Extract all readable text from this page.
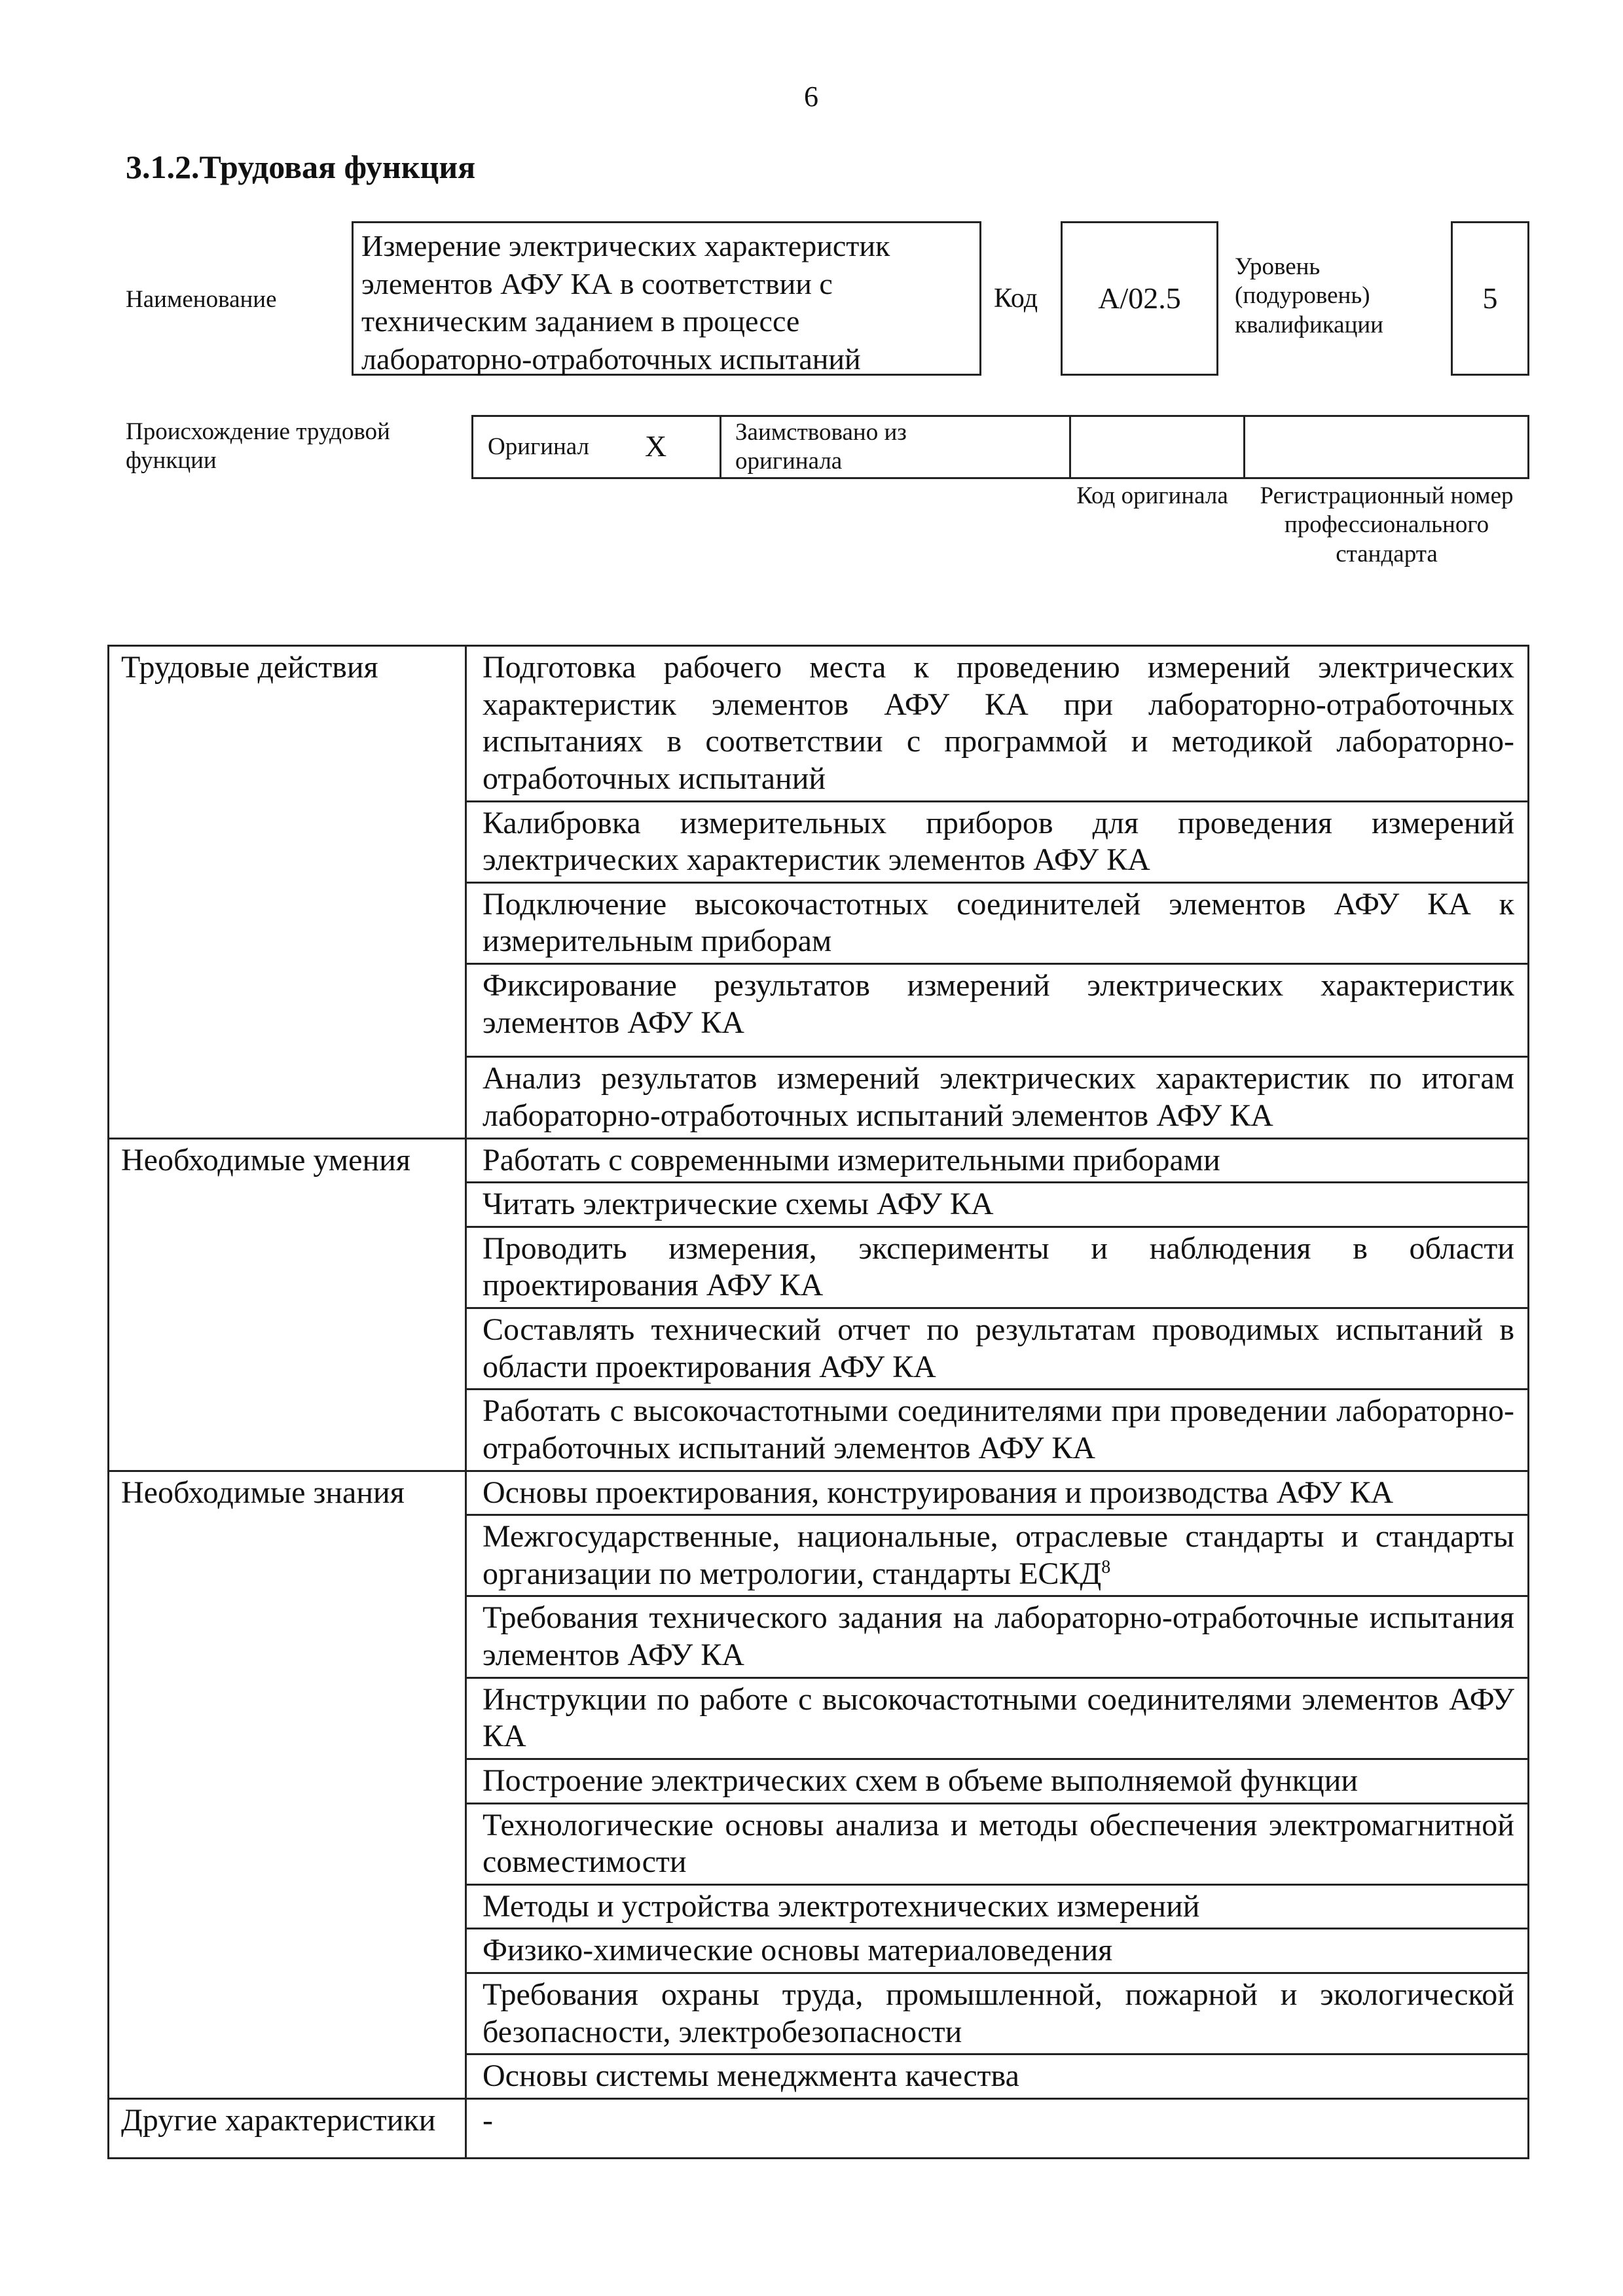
6
3.1.2.Трудовая функция
Наименование
Измерение электрических характеристик элементов АФУ КА в соответствии с техническим заданием в процессе лабораторно-отработочных испытаний
Код А/02.5
Уровень (подуровень) квалификации
5
Происхождение трудовой функции
Оригинал X	Заимствовано из оригинала
Код оригинала	Регистрационный номер профессионального стандарта
Трудовые действия	Подготовка рабочего места к проведению измерений электрических характеристик элементов АФУ КА при лабораторно-отработочных испытаниях в соответствии с программой и методикой лабораторно-отработочных испытаний
	Калибровка измерительных приборов для проведения измерений электрических характеристик элементов АФУ КА
	Подключение высокочастотных соединителей элементов АФУ КА к измерительным приборам
	Фиксирование результатов измерений электрических характеристик элементов АФУ КА
	Анализ результатов измерений электрических характеристик по итогам лабораторно-отработочных испытаний элементов АФУ КА
Необходимые умения	Работать с современными измерительными приборами
	Читать электрические схемы АФУ КА
	Проводить измерения, эксперименты и наблюдения в области проектирования АФУ КА
	Составлять технический отчет по результатам проводимых испытаний в области проектирования АФУ КА
	Работать с высокочастотными соединителями при проведении лабораторно-отработочных испытаний элементов АФУ КА
Необходимые знания	Основы проектирования, конструирования и производства АФУ КА
	Межгосударственные, национальные, отраслевые стандарты и стандарты организации по метрологии, стандарты ЕСКД$^8$
	Требования технического задания на лабораторно-отработочные испытания элементов АФУ КА
	Инструкции по работе с высокочастотными соединителями элементов АФУ КА
	Построение электрических схем в объеме выполняемой функции
	Технологические основы анализа и методы обеспечения электромагнитной совместимости
	Методы и устройства электротехнических измерений
	Физико-химические основы материаловедения
	Требования охраны труда, промышленной, пожарной и экологической безопасности, электробезопасности
	Основы системы менеджмента качества
Другие характеристики	-
